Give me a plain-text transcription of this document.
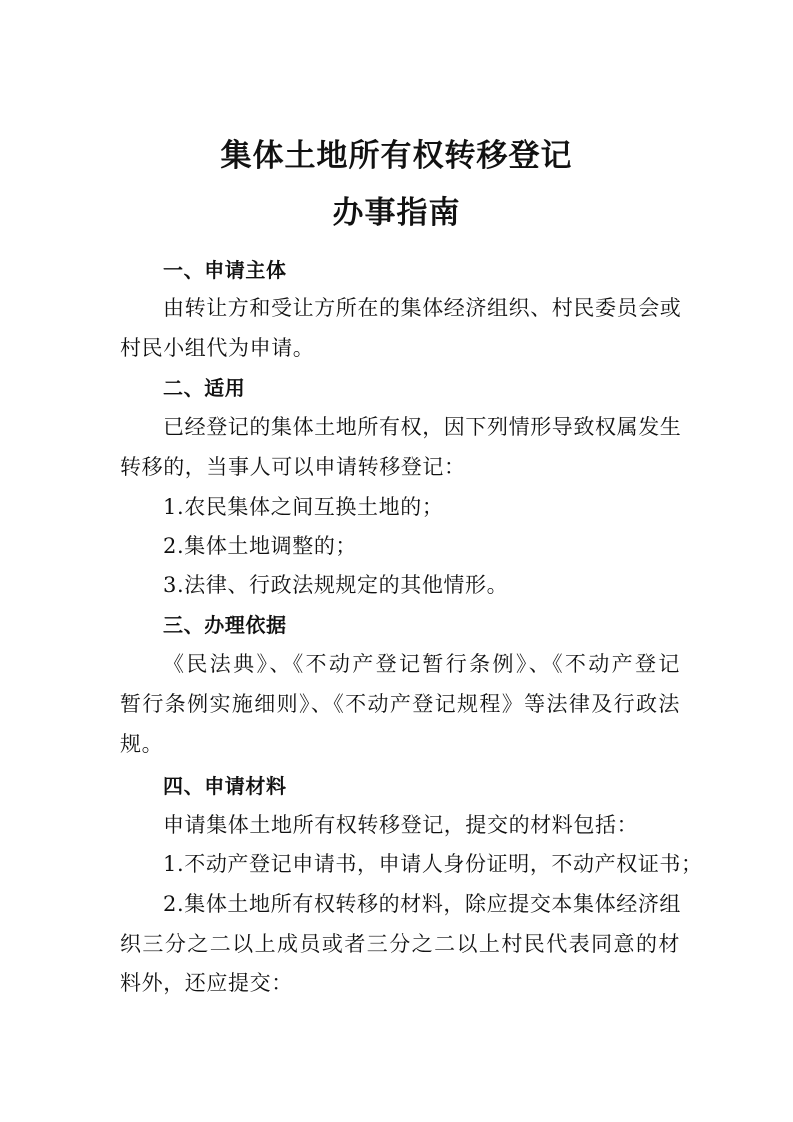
集体土地所有权转移登记
办事指南
一、申请主体
由转让方和受让方所在的集体经济组织、村民委员会或
村民小组代为申请。
二、适用
已经登记的集体土地所有权，因下列情形导致权属发生
转移的，当事人可以申请转移登记：
1.农民集体之间互换土地的；
2.集体土地调整的；
3.法律、行政法规规定的其他情形。
三、办理依据
《民法典》、《不动产登记暂行条例》、《不动产登记
暂行条例实施细则》、《不动产登记规程》等法律及行政法
规。
四、申请材料
申请集体土地所有权转移登记，提交的材料包括：
1.不动产登记申请书，申请人身份证明，不动产权证书；
2.集体土地所有权转移的材料，除应提交本集体经济组
织三分之二以上成员或者三分之二以上村民代表同意的材
料外，还应提交：
